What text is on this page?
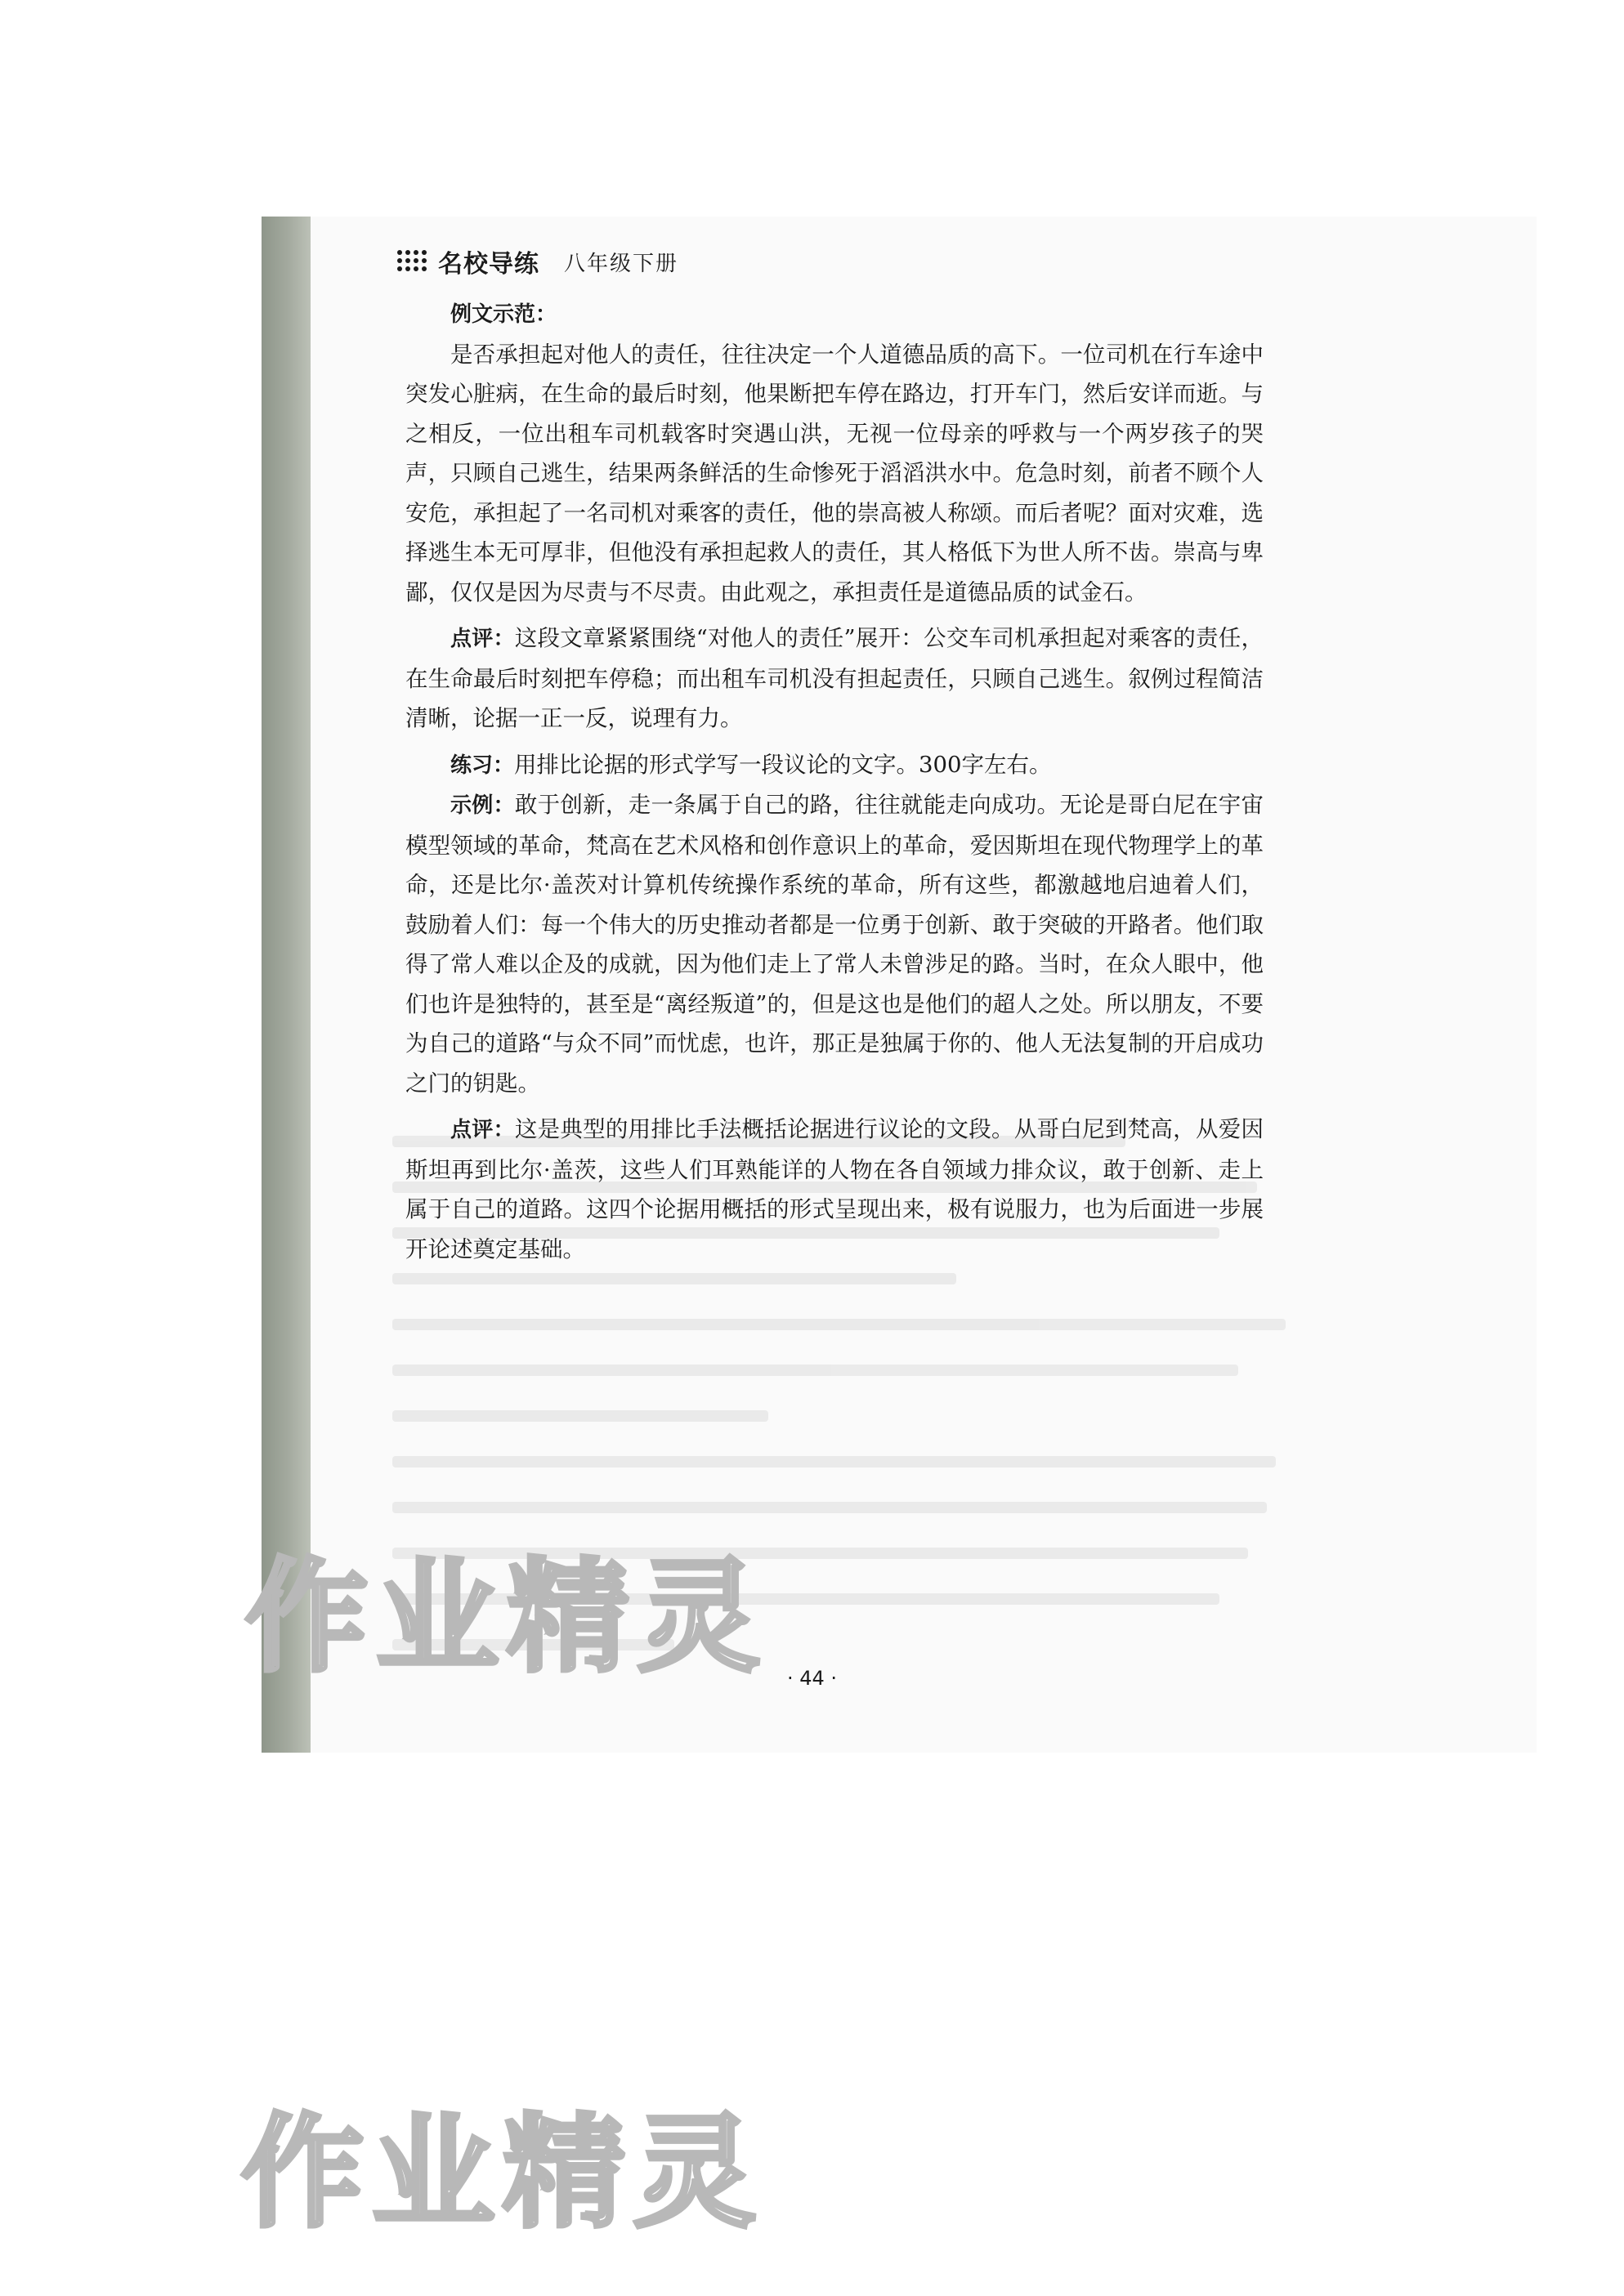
名校导练 八年级下册

例文示范：

是否承担起对他人的责任，往往决定一个人道德品质的高下。一位司机在行车途中突发心脏病，在生命的最后时刻，他果断把车停在路边，打开车门，然后安详而逝。与之相反，一位出租车司机载客时突遇山洪，无视一位母亲的呼救与一个两岁孩子的哭声，只顾自己逃生，结果两条鲜活的生命惨死于滔滔洪水中。危急时刻，前者不顾个人安危，承担起了一名司机对乘客的责任，他的崇高被人称颂。而后者呢？面对灾难，选择逃生本无可厚非，但他没有承担起救人的责任，其人格低下为世人所不齿。崇高与卑鄙，仅仅是因为尽责与不尽责。由此观之，承担责任是道德品质的试金石。

点评：这段文章紧紧围绕“对他人的责任”展开：公交车司机承担起对乘客的责任，在生命最后时刻把车停稳；而出租车司机没有担起责任，只顾自己逃生。叙例过程简洁清晰，论据一正一反，说理有力。

练习：用排比论据的形式学写一段议论的文字。300字左右。

示例：敢于创新，走一条属于自己的路，往往就能走向成功。无论是哥白尼在宇宙模型领域的革命，梵高在艺术风格和创作意识上的革命，爱因斯坦在现代物理学上的革命，还是比尔·盖茨对计算机传统操作系统的革命，所有这些，都激越地启迪着人们，鼓励着人们：每一个伟大的历史推动者都是一位勇于创新、敢于突破的开路者。他们取得了常人难以企及的成就，因为他们走上了常人未曾涉足的路。当时，在众人眼中，他们也许是独特的，甚至是“离经叛道”的，但是这也是他们的超人之处。所以朋友，不要为自己的道路“与众不同”而忧虑，也许，那正是独属于你的、他人无法复制的开启成功之门的钥匙。

点评：这是典型的用排比手法概括论据进行议论的文段。从哥白尼到梵高，从爱因斯坦再到比尔·盖茨，这些人们耳熟能详的人物在各自领域力排众议，敢于创新、走上属于自己的道路。这四个论据用概括的形式呈现出来，极有说服力，也为后面进一步展开论述奠定基础。

· 44 ·
作业精灵
作业精灵
